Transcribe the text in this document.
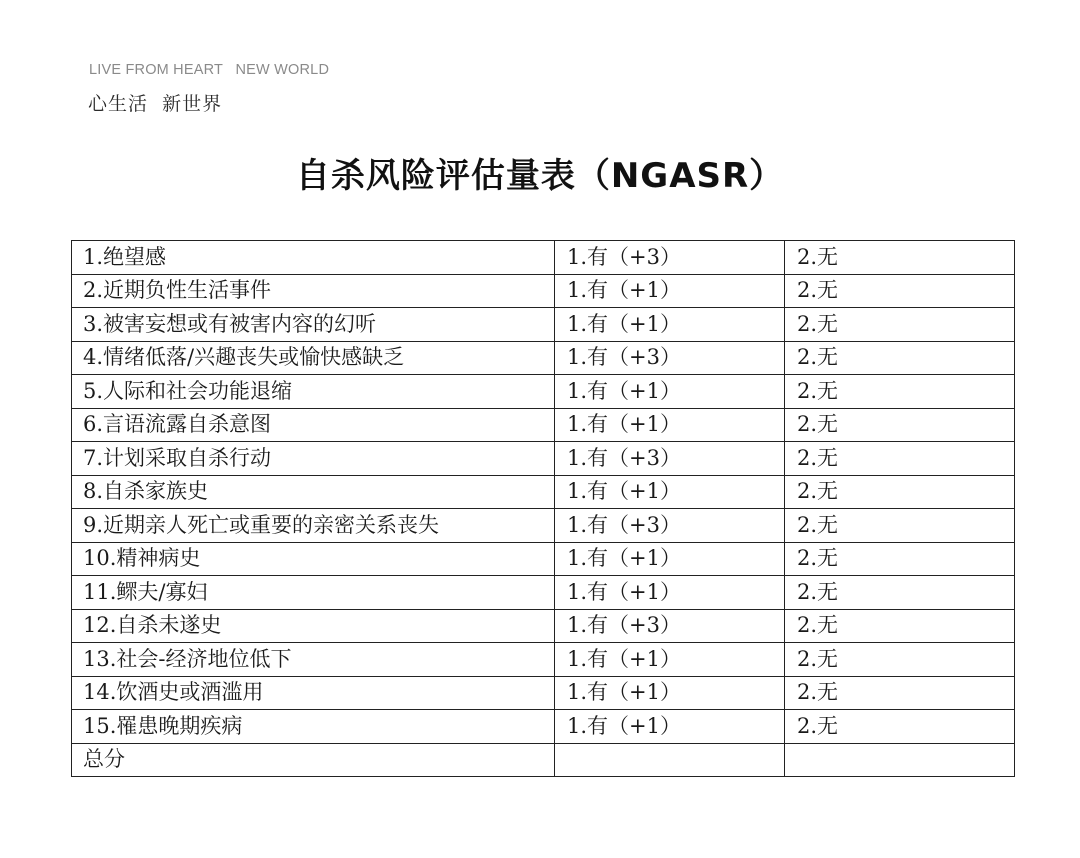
LIVE FROM HEART   NEW WORLD
心生活  新世界
自杀风险评估量表（NGASR）
1.绝望感	1.有（+3）	2.无
2.近期负性生活事件	1.有（+1）	2.无
3.被害妄想或有被害内容的幻听	1.有（+1）	2.无
4.情绪低落/兴趣丧失或愉快感缺乏	1.有（+3）	2.无
5.人际和社会功能退缩	1.有（+1）	2.无
6.言语流露自杀意图	1.有（+1）	2.无
7.计划采取自杀行动	1.有（+3）	2.无
8.自杀家族史	1.有（+1）	2.无
9.近期亲人死亡或重要的亲密关系丧失	1.有（+3）	2.无
10.精神病史	1.有（+1）	2.无
11.鳏夫/寡妇	1.有（+1）	2.无
12.自杀未遂史	1.有（+3）	2.无
13.社会-经济地位低下	1.有（+1）	2.无
14.饮酒史或酒滥用	1.有（+1）	2.无
15.罹患晚期疾病	1.有（+1）	2.无
总分		
